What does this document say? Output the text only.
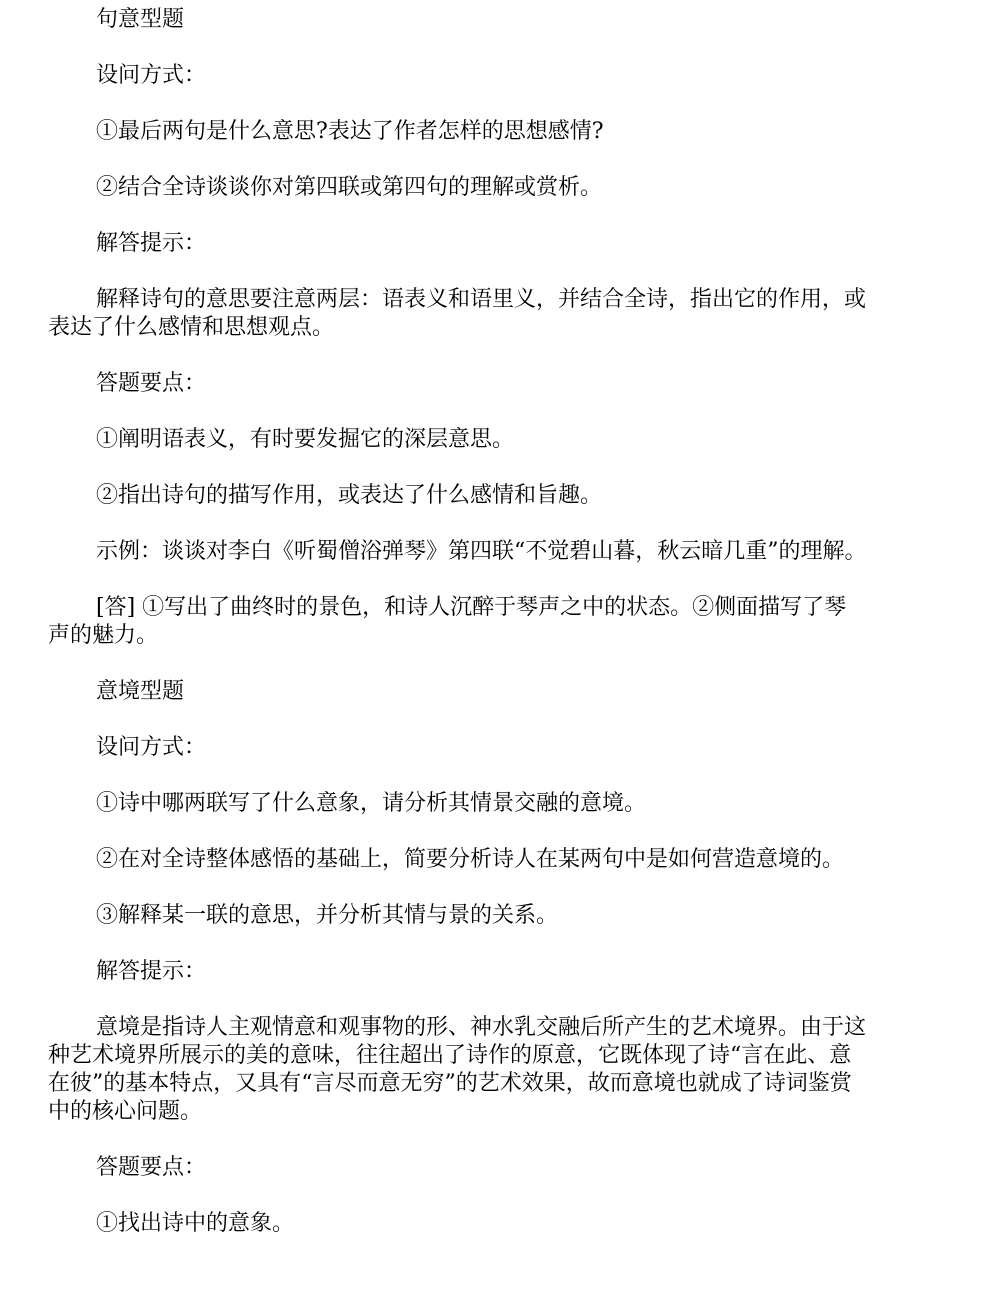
句意型题

设问方式：

①最后两句是什么意思?表达了作者怎样的思想感情?

②结合全诗谈谈你对第四联或第四句的理解或赏析。

解答提示：

解释诗句的意思要注意两层：语表义和语里义，并结合全诗，指出它的作用，或表达了什么感情和思想观点。

答题要点：

①阐明语表义，有时要发掘它的深层意思。

②指出诗句的描写作用，或表达了什么感情和旨趣。

示例：谈谈对李白《听蜀僧浴弹琴》第四联“不觉碧山暮，秋云暗几重”的理解。

[答] ①写出了曲终时的景色，和诗人沉醉于琴声之中的状态。②侧面描写了琴声的魅力。

意境型题

设问方式：

①诗中哪两联写了什么意象，请分析其情景交融的意境。

②在对全诗整体感悟的基础上，简要分析诗人在某两句中是如何营造意境的。

③解释某一联的意思，并分析其情与景的关系。

解答提示：

意境是指诗人主观情意和观事物的形、神水乳交融后所产生的艺术境界。由于这种艺术境界所展示的美的意味，往往超出了诗作的原意，它既体现了诗“言在此、意在彼”的基本特点，又具有“言尽而意无穷”的艺术效果，故而意境也就成了诗词鉴赏中的核心问题。

答题要点：

①找出诗中的意象。
